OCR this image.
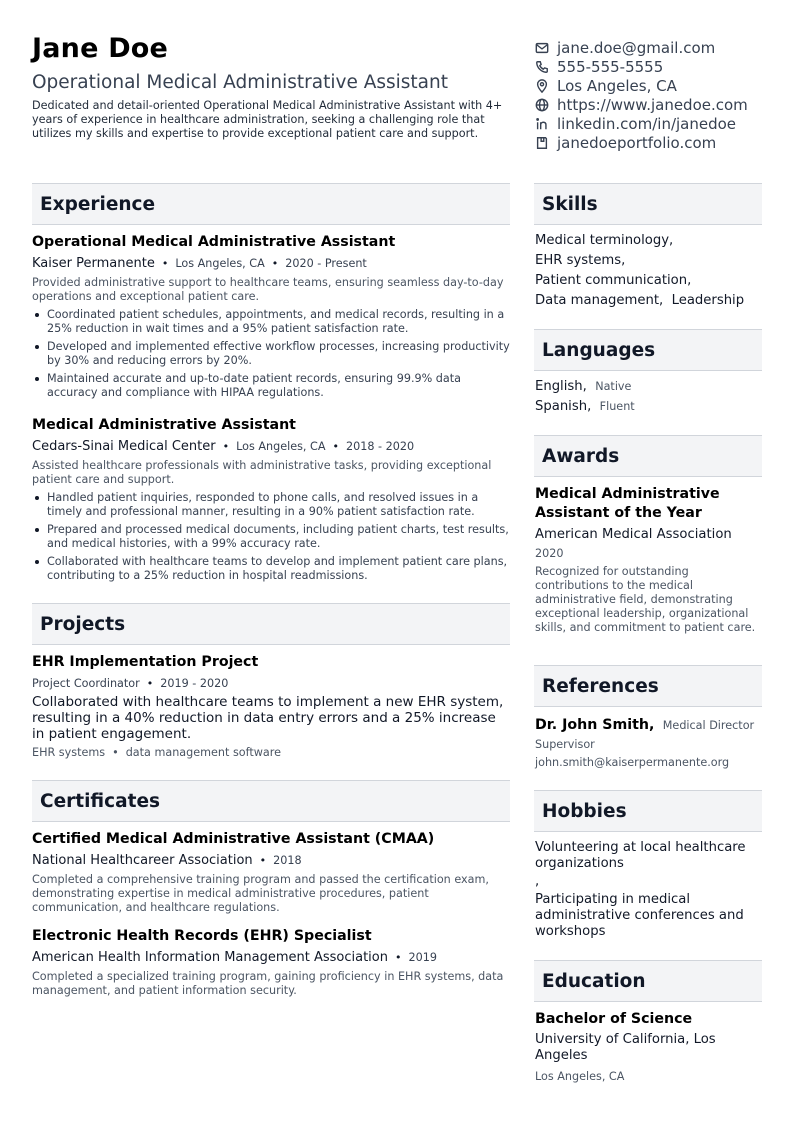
Jane Doe
Operational Medical Administrative Assistant
Dedicated and detail-oriented Operational Medical Administrative Assistant with 4+ years of experience in healthcare administration, seeking a challenging role that utilizes my skills and expertise to provide exceptional patient care and support.
jane.doe@gmail.com
555-555-5555
Los Angeles, CA
https://www.janedoe.com
linkedin.com/in/janedoe
janedoeportfolio.com
Experience
Operational Medical Administrative Assistant
Kaiser Permanente • Los Angeles, CA • 2020 - Present
Provided administrative support to healthcare teams, ensuring seamless day-to-day operations and exceptional patient care.
Coordinated patient schedules, appointments, and medical records, resulting in a 25% reduction in wait times and a 95% patient satisfaction rate.
Developed and implemented effective workflow processes, increasing productivity by 30% and reducing errors by 20%.
Maintained accurate and up-to-date patient records, ensuring 99.9% data accuracy and compliance with HIPAA regulations.
Medical Administrative Assistant
Cedars-Sinai Medical Center • Los Angeles, CA • 2018 - 2020
Assisted healthcare professionals with administrative tasks, providing exceptional patient care and support.
Handled patient inquiries, responded to phone calls, and resolved issues in a timely and professional manner, resulting in a 90% patient satisfaction rate.
Prepared and processed medical documents, including patient charts, test results, and medical histories, with a 99% accuracy rate.
Collaborated with healthcare teams to develop and implement patient care plans, contributing to a 25% reduction in hospital readmissions.
Projects
EHR Implementation Project
Project Coordinator • 2019 - 2020
Collaborated with healthcare teams to implement a new EHR system, resulting in a 40% reduction in data entry errors and a 25% increase in patient engagement.
EHR systems • data management software
Certificates
Certified Medical Administrative Assistant (CMAA)
National Healthcareer Association • 2018
Completed a comprehensive training program and passed the certification exam, demonstrating expertise in medical administrative procedures, patient communication, and healthcare regulations.
Electronic Health Records (EHR) Specialist
American Health Information Management Association • 2019
Completed a specialized training program, gaining proficiency in EHR systems, data management, and patient information security.
Skills
Medical terminology,
EHR systems,
Patient communication,
Data management, Leadership
Languages
English, Native
Spanish, Fluent
Awards
Medical Administrative Assistant of the Year
American Medical Association
2020
Recognized for outstanding contributions to the medical administrative field, demonstrating exceptional leadership, organizational skills, and commitment to patient care.
References
Dr. John Smith, Medical Director
Supervisor
john.smith@kaiserpermanente.org
Hobbies
Volunteering at local healthcare organizations
,
Participating in medical administrative conferences and workshops
Education
Bachelor of Science
University of California, Los Angeles
Los Angeles, CA
